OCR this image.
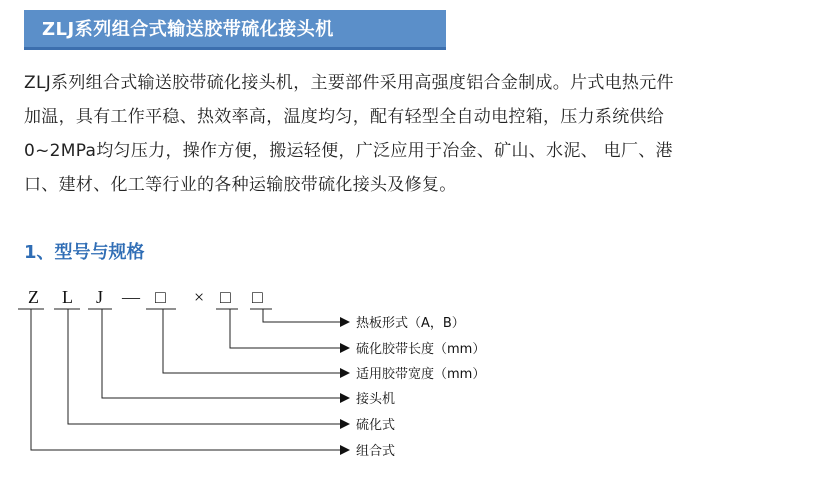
ZLJ系列组合式输送胶带硫化接头机
ZLJ系列组合式输送胶带硫化接头机，主要部件采用高强度铝合金制成。片式电热元件
加温，具有工作平稳、热效率高，温度均匀，配有轻型全自动电控箱，压力系统供给
0~2MPa均匀压力，操作方便，搬运轻便，广泛应用于冶金、矿山、水泥、 电厂、港
口、建材、化工等行业的各种运输胶带硫化接头及修复。
1、型号与规格
Z L J — □ × □ □
热板形式（A，B）
硫化胶带长度（mm）
适用胶带宽度（mm）
接头机
硫化式
组合式
